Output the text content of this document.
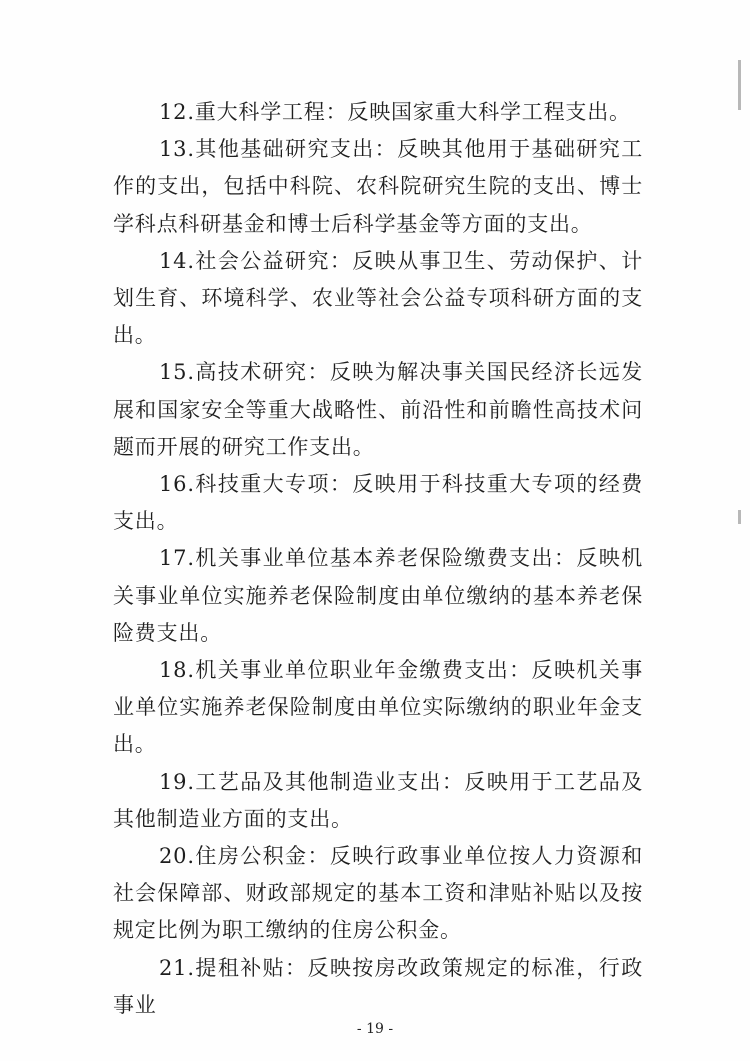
12.重大科学工程：反映国家重大科学工程支出。

13.其他基础研究支出：反映其他用于基础研究工作的支出，包括中科院、农科院研究生院的支出、博士学科点科研基金和博士后科学基金等方面的支出。

14.社会公益研究：反映从事卫生、劳动保护、计划生育、环境科学、农业等社会公益专项科研方面的支出。

15.高技术研究：反映为解决事关国民经济长远发展和国家安全等重大战略性、前沿性和前瞻性高技术问题而开展的研究工作支出。

16.科技重大专项：反映用于科技重大专项的经费支出。

17.机关事业单位基本养老保险缴费支出：反映机关事业单位实施养老保险制度由单位缴纳的基本养老保险费支出。

18.机关事业单位职业年金缴费支出：反映机关事业单位实施养老保险制度由单位实际缴纳的职业年金支出。

19.工艺品及其他制造业支出：反映用于工艺品及其他制造业方面的支出。

20.住房公积金：反映行政事业单位按人力资源和社会保障部、财政部规定的基本工资和津贴补贴以及按规定比例为职工缴纳的住房公积金。

21.提租补贴：反映按房改政策规定的标准，行政事业

- 19 -
